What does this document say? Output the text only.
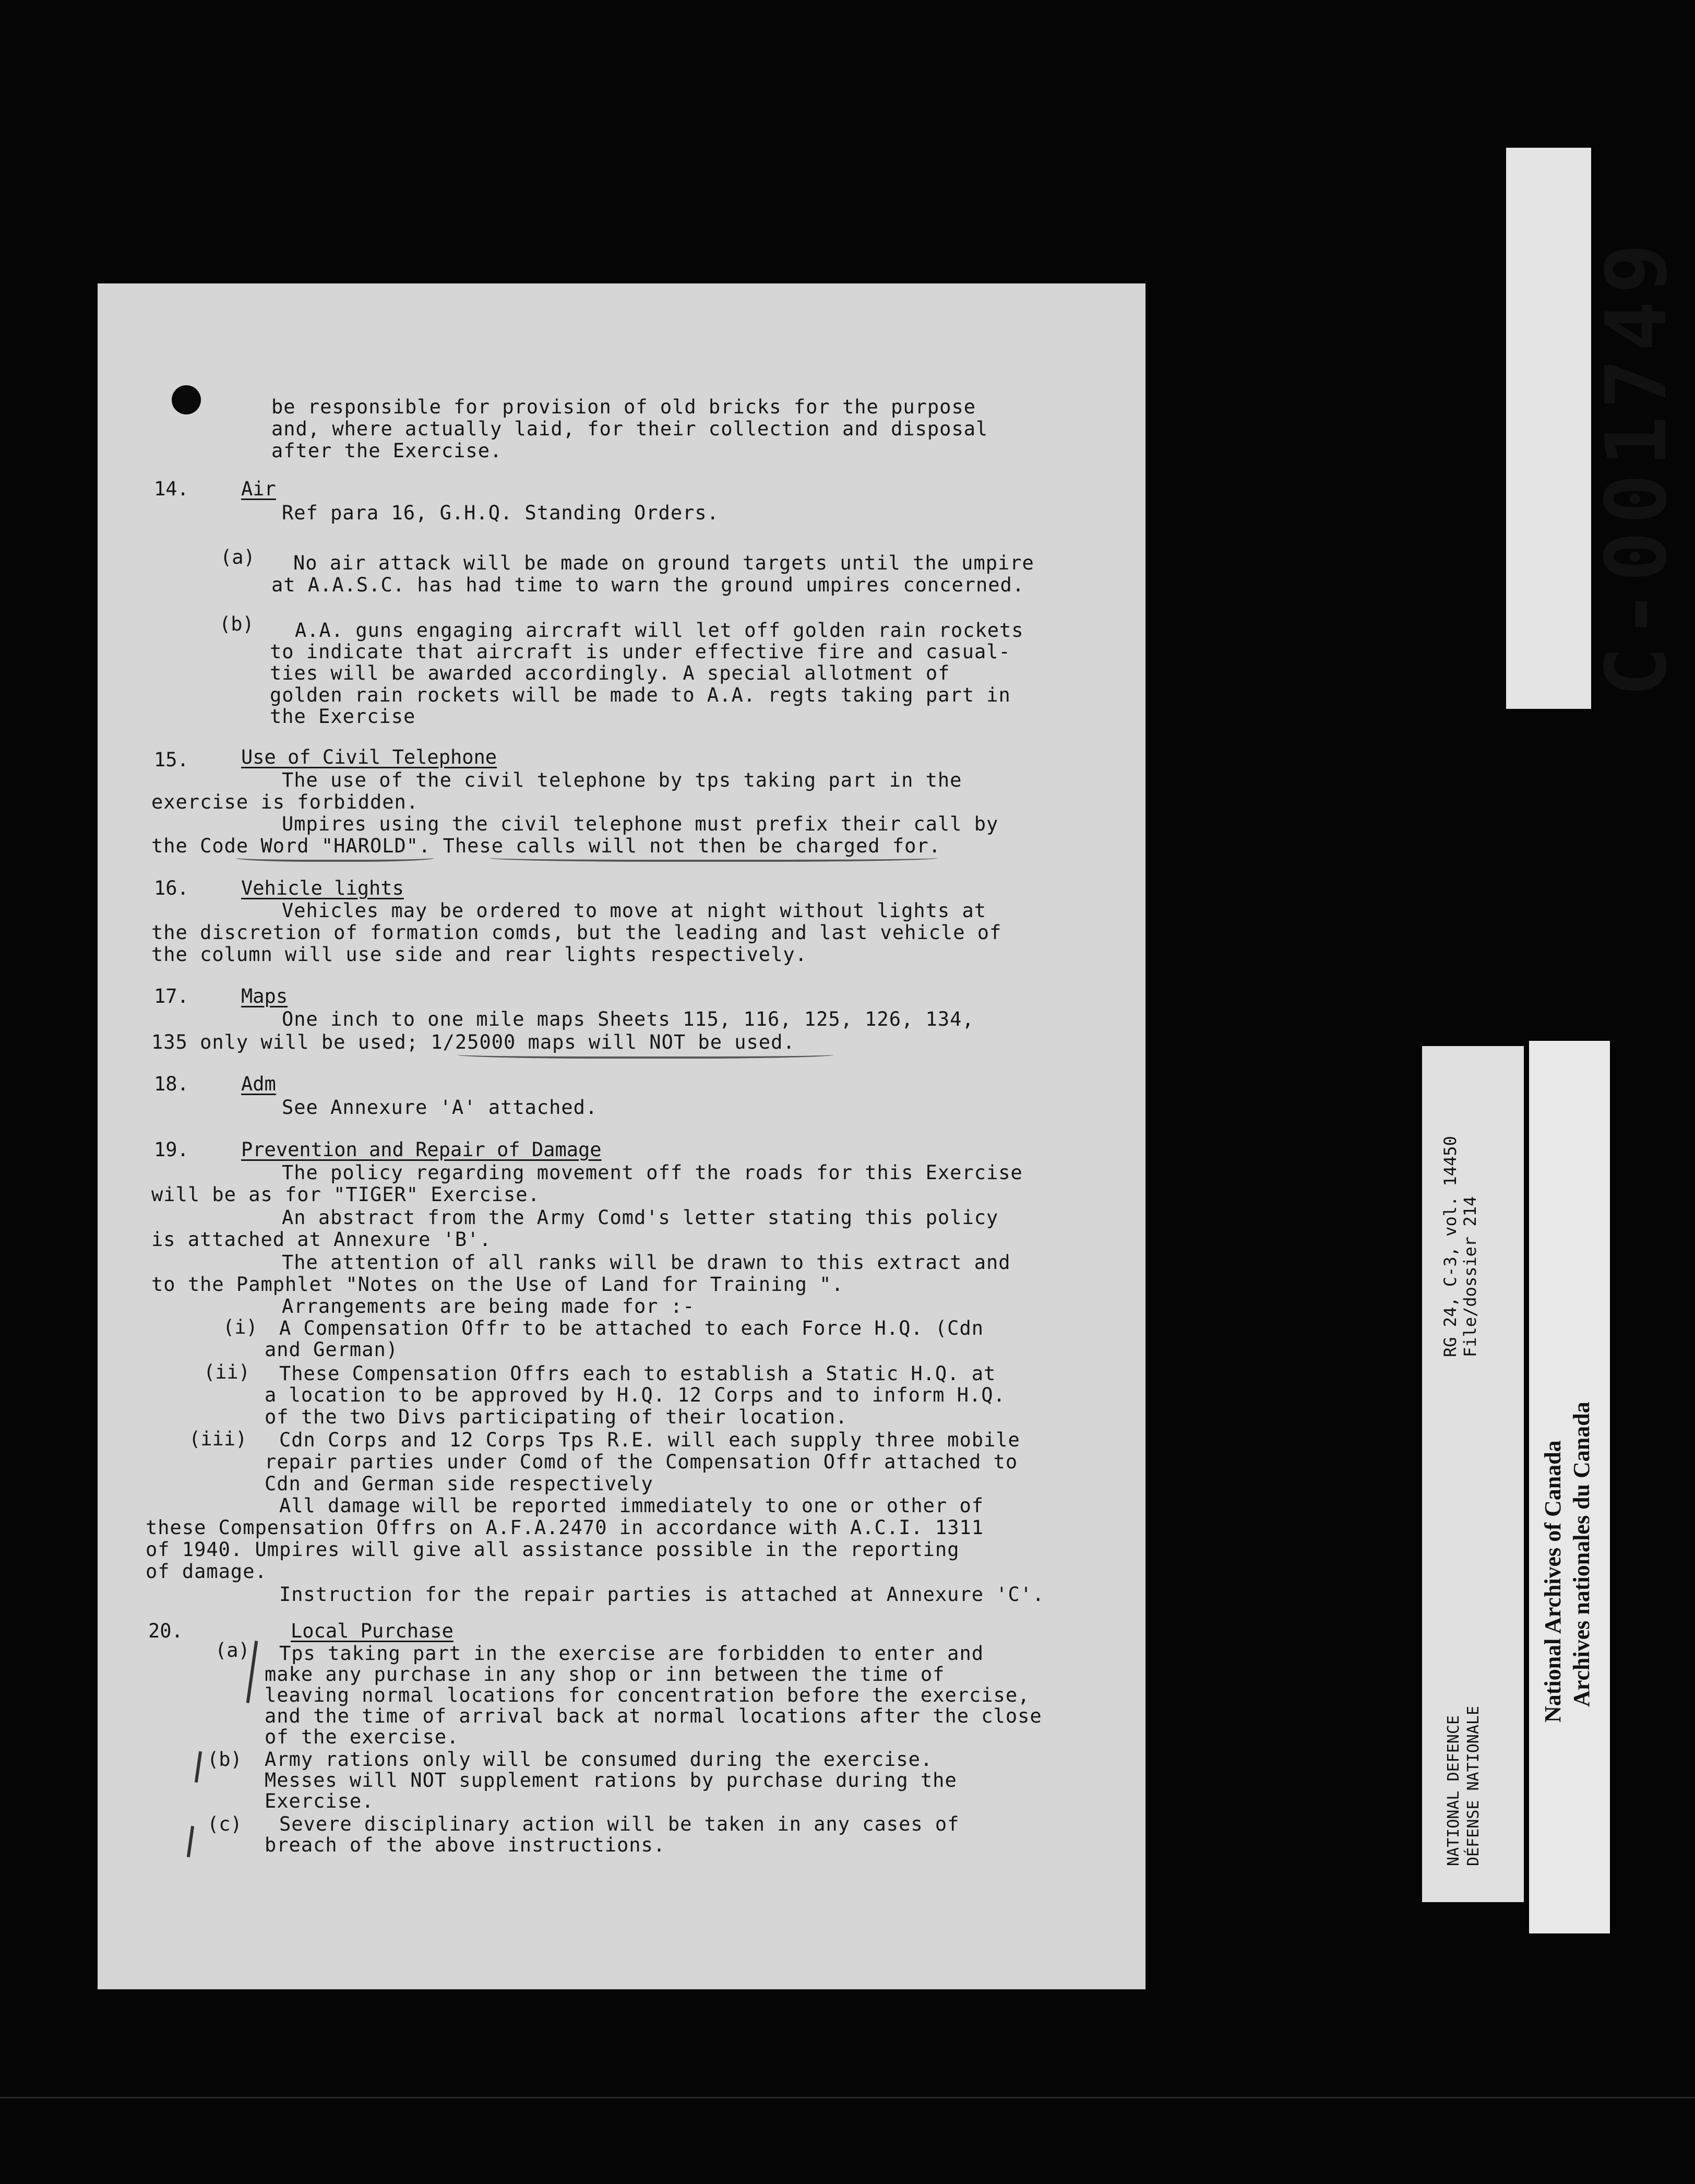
C-001749
RG 24, C-3, vol. 14450 File/dossier 214
NATIONAL DEFENCE DÉFENSE NATIONALE
National Archives of Canada Archives nationales du Canada
be responsible for provision of old bricks for the purpose
and, where actually laid, for their collection and disposal
after the Exercise.
14.	Air
Ref para 16, G.H.Q. Standing Orders.
(a) No air attack will be made on ground targets until the umpire
at A.A.S.C. has had time to warn the ground umpires concerned.
(b) A.A. guns engaging aircraft will let off golden rain rockets
to indicate that aircraft is under effective fire and casual-
ties will be awarded accordingly. A special allotment of
golden rain rockets will be made to A.A. regts taking part in
the Exercise
15.	Use of Civil Telephone
The use of the civil telephone by tps taking part in the
exercise is forbidden.
Umpires using the civil telephone must prefix their call by
the Code Word "HAROLD". These calls will not then be charged for.
16.	Vehicle lights
Vehicles may be ordered to move at night without lights at
the discretion of formation comds, but the leading and last vehicle of
the column will use side and rear lights respectively.
17.	Maps
One inch to one mile maps Sheets 115, 116, 125, 126, 134,
135 only will be used; 1/25000 maps will NOT be used.
18.	Adm
See Annexure 'A' attached.
19.	Prevention and Repair of Damage
The policy regarding movement off the roads for this Exercise
will be as for "TIGER" Exercise.
An abstract from the Army Comd's letter stating this policy
is attached at Annexure 'B'.
The attention of all ranks will be drawn to this extract and
to the Pamphlet "Notes on the Use of Land for Training ".
Arrangements are being made for :-
(i) A Compensation Offr to be attached to each Force H.Q. (Cdn
and German)
(ii) These Compensation Offrs each to establish a Static H.Q. at
a location to be approved by H.Q. 12 Corps and to inform H.Q.
of the two Divs participating of their location.
(iii) Cdn Corps and 12 Corps Tps R.E. will each supply three mobile
repair parties under Comd of the Compensation Offr attached to
Cdn and German side respectively
All damage will be reported immediately to one or other of
these Compensation Offrs on A.F.A.2470 in accordance with A.C.I. 1311
of 1940. Umpires will give all assistance possible in the reporting
of damage.
Instruction for the repair parties is attached at Annexure 'C'.
20.	Local Purchase
(a) Tps taking part in the exercise are forbidden to enter and
make any purchase in any shop or inn between the time of
leaving normal locations for concentration before the exercise,
and the time of arrival back at normal locations after the close
of the exercise.
(b) Army rations only will be consumed during the exercise.
Messes will NOT supplement rations by purchase during the
Exercise.
(c) Severe disciplinary action will be taken in any cases of
breach of the above instructions.
